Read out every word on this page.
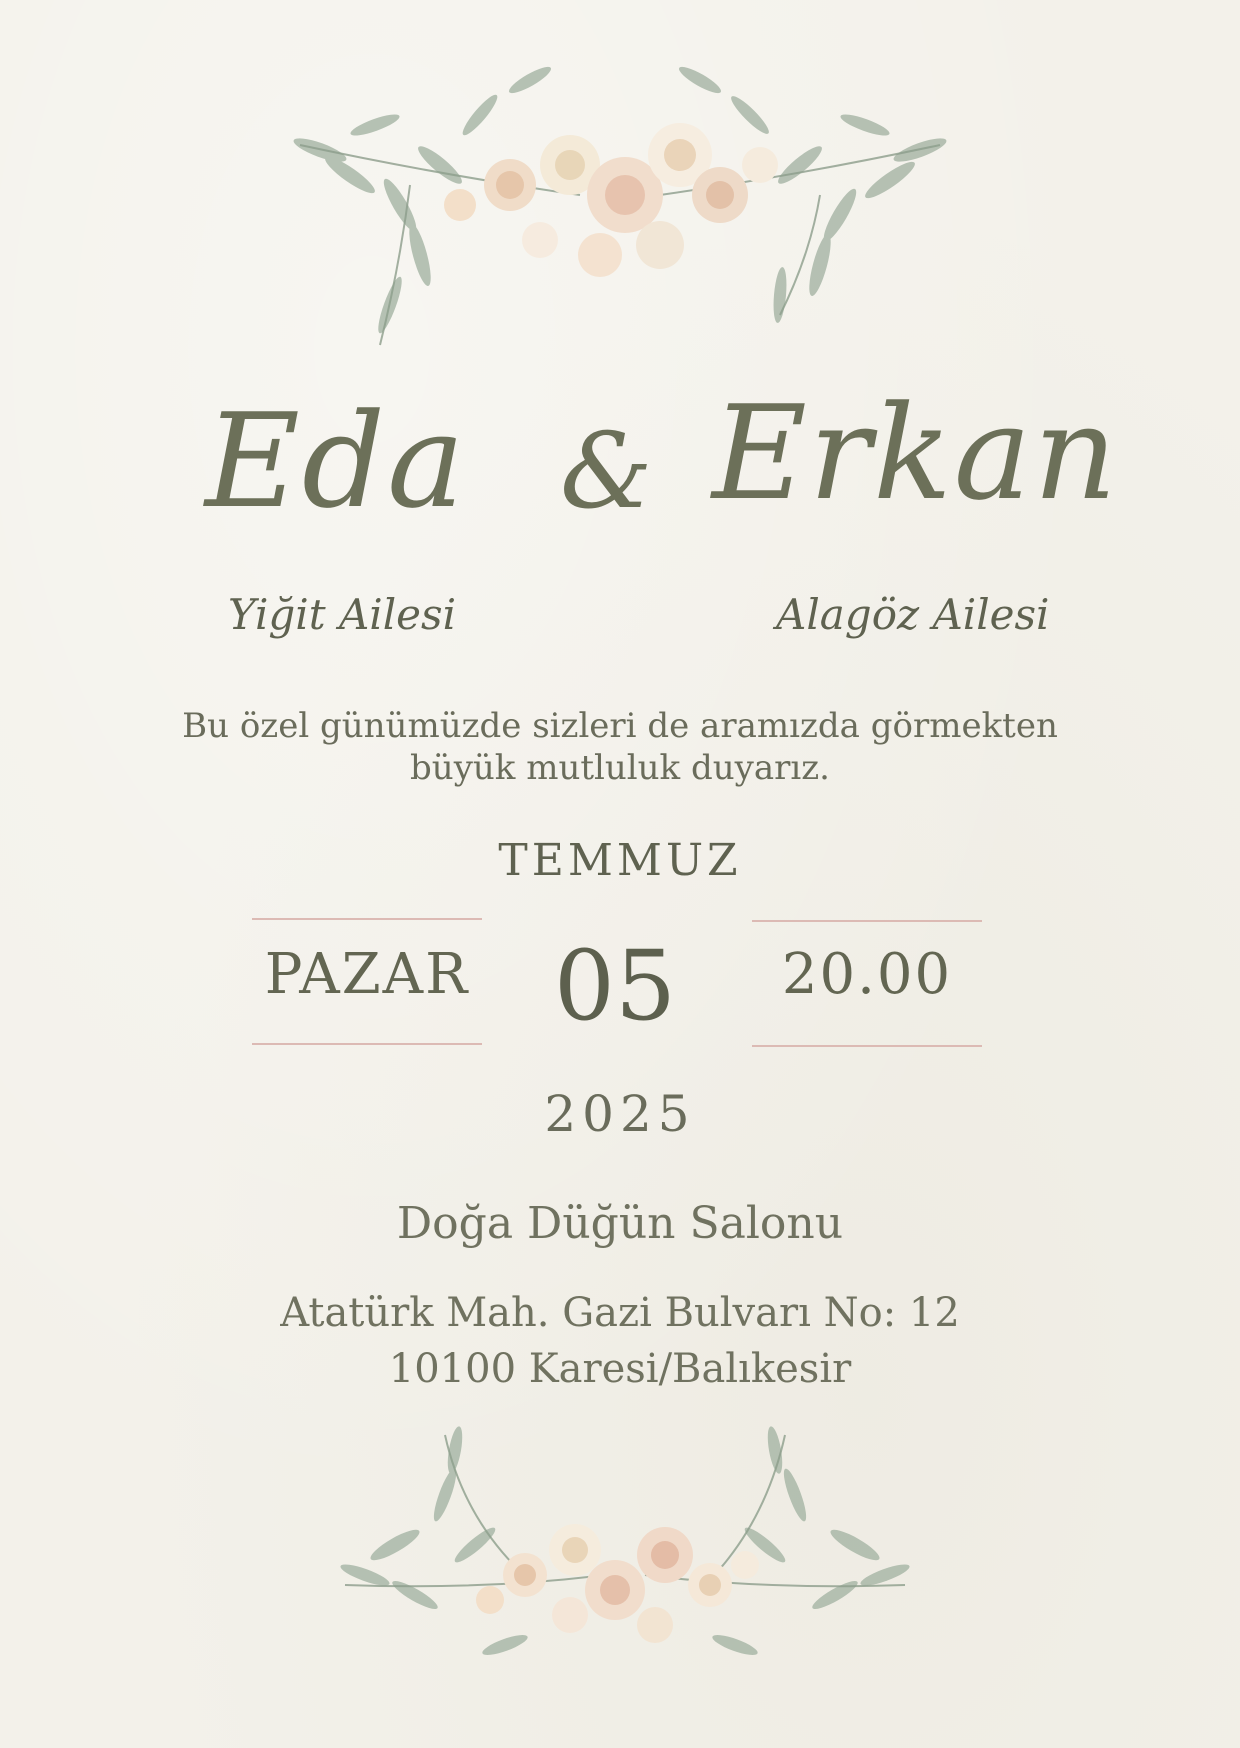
Eda & Erkan
Yiğit Ailesi	Alagöz Ailesi
Bu özel günümüzde sizleri de aramızda görmekten
büyük mutluluk duyarız.
TEMMUZ
PAZAR 05	20.00
2025
Doğa Düğün Salonu
Atatürk Mah. Gazi Bulvarı No: 12
10100 Karesi/Balıkesir
